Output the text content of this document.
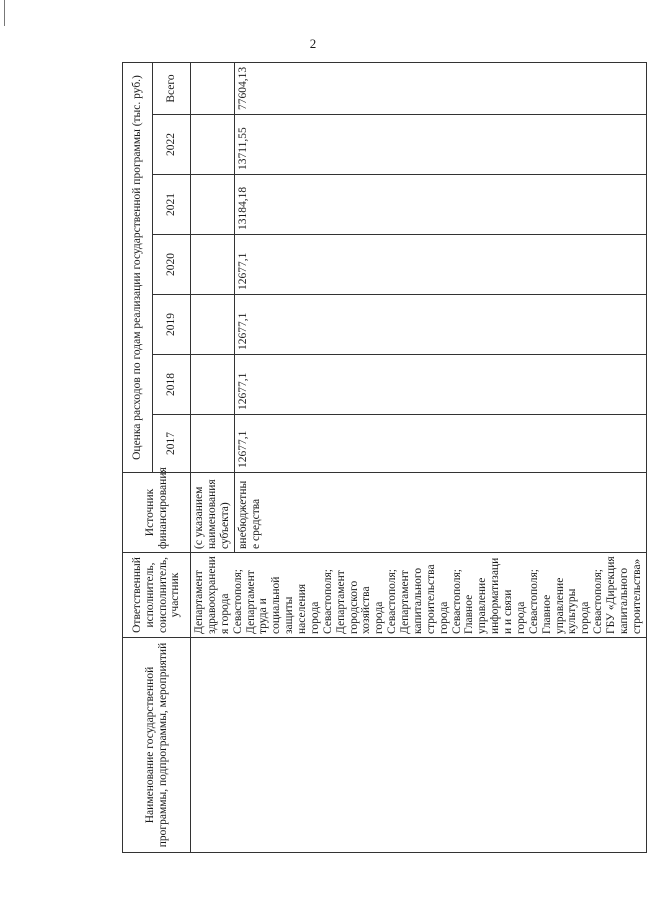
2
Наименование государственной программы, подпрограммы, мероприятий	Ответственный исполнитель, соисполнитель, участник	Источник финансирования	Оценка расходов по годам реализации государственной программы (тыс. руб.)						
			2017	2018	2019	2020	2021	2022	Всего
	Департамент здравоохранения города Севастополя; Департамент труда и социальной защиты населения города Севастополя; Департамент городского хозяйства города Севастополя; Департамент капитального строительства города Севастополя; Главное управление информатизации и связи города Севастополя; Главное управление культуры города Севастополя; ГБУ «Дирекция капитального строительства»	(с указанием наименования субъекта)							
		внебюджетные средства	12677,1	12677,1	12677,1	12677,1	13184,18	13711,55	77604,13
